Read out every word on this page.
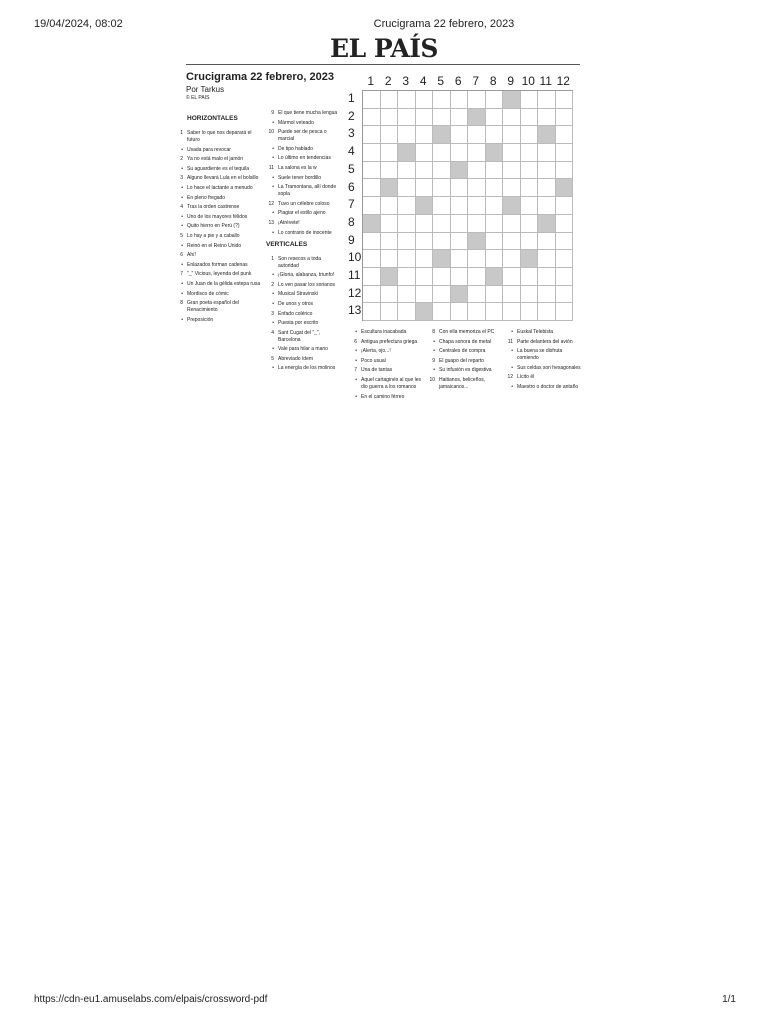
19/04/2024, 08:02	Crucigrama 22 febrero, 2023
EL PAÍS
Crucigrama 22 febrero, 2023
Por Tarkus
© EL PAIS
HORIZONTALES
1 Saber lo que nos deparará el futuro
• Usada para revocar
2 Ya no está malo el jamón
• Su aguardiente es el tequila
3 Alguno llevará Lula en el bolsillo
• Lo hace el lactante a menudo
• En pleno fregado
4 Tras la orden castrense
• Uno de los mayores félidos
• Quito hierro en Perú (?)
5 Lo hay a pie y a caballo
• Reinó en el Reino Unido
6 Ahí!
• Enlazados forman cadenas
7 "_" Vicious, leyenda del punk
• Un Juan de la gélida estepa rusa
• Mordisco de cómic
8 Gran poeta español del Renacimiento
• Preposición
9 El que tiene mucha lengua
• Mármol veteado
10 Puede ser de pesca o marcial
• De tipo hablado
• Lo último en tendencias
11 La salona es la w
• Suele tener bordillo
• La Tramontana, allí donde sopla
12 Tuvo un célebre coloso
• Plagiar el estilo ajeno
13 ¡Atrévete!
• Lo contrario de inocente
VERTICALES
1 Son resecos a toda autoridad
• ¡Gloria, alabanza, triunfo!
2 Lo ven pasar los sorianos
• Musical Stravinski
• De unos y otros
3 Enfado colérico
• Puesta por escrito
4 Sant Cugat del "_", Barcelona
• Vale para hilar a mano
5 Abreviado ídem
• La energía de los molinos
1 2 3 4 5 6 7 8 9 10 11 12
1
2
3
4
5
6
7
8
9
10
11
12
13
• Escultura inacabada
6 Antigua prefectura griega
• ¡Alerta, ojo...!
• Poco usual
7 Una de tantas
• Aquel cartaginés al que les dio guerra a los romanos
• En el camino férreo
8 Con ella memoriza el PC
• Chapa sonora de metal
• Centrales de compra
9 El guapo del reparto
• Su infusión es digestiva
10 Haitianos, beliceños, jamaicanos...
• Euskal Telebista
11 Parte delantera del avión
• La buena se disfruta comiendo
• Sus celdas son hexagonales
12 Lícito él
• Maestro o doctor de antaño
https://cdn-eu1.amuselabs.com/elpais/crossword-pdf	1/1
